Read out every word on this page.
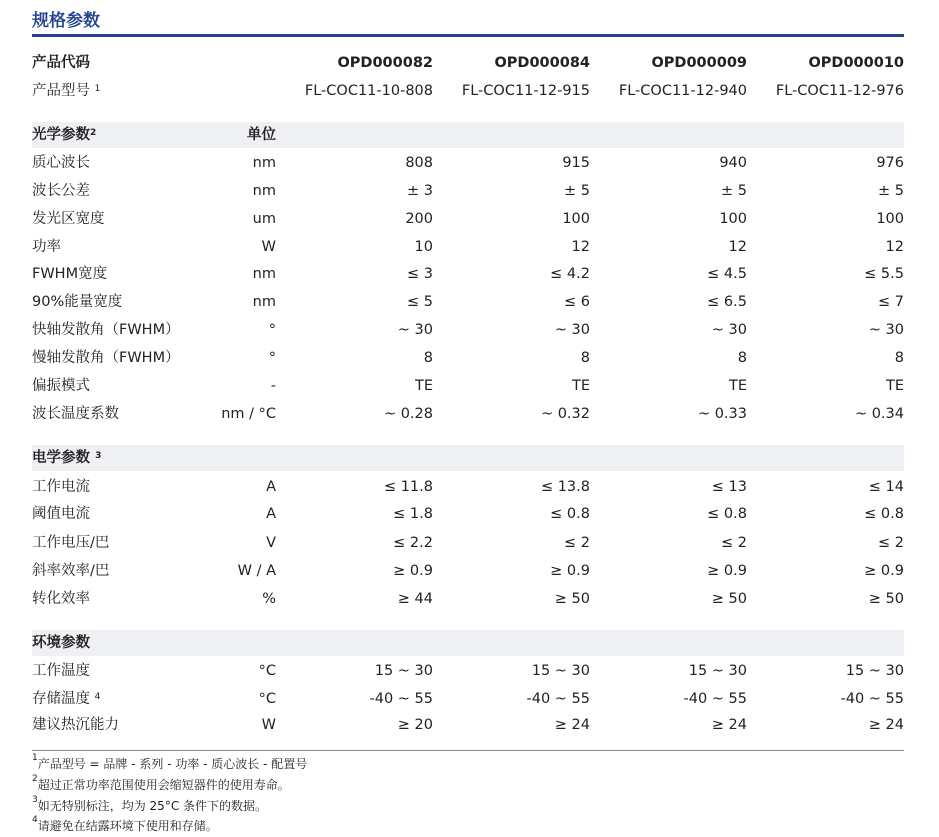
规格参数
产品代码	OPD000082	OPD000084	OPD000009	OPD000010
产品型号 $^1$	FL-COC11-10-808 FL-COC11-12-915 FL-COC11-12-940 FL-COC11-12-976
光学参数$^2$	单位
质心波长	nm	808	915	940	976
波长公差	nm	± 3	± 5	± 5	± 5
发光区宽度	um	200	100	100	100
功率	W	10	12	12	12
FWHM宽度	nm	≤ 3	≤ 4.2	≤ 4.5	≤ 5.5
90%能量宽度	nm	≤ 5	≤ 6	≤ 6.5	≤ 7
快轴发散角（FWHM）	°	~ 30	~ 30	~ 30	~ 30
慢轴发散角（FWHM）	°	8	8	8	8
偏振模式	-	TE	TE	TE	TE
波长温度系数	nm / °C	~ 0.28	~ 0.32	~ 0.33	~ 0.34
电学参数 $^3$
工作电流	A	≤ 11.8	≤ 13.8	≤ 13	≤ 14
阈值电流	A	≤ 1.8	≤ 0.8	≤ 0.8	≤ 0.8
工作电压/巴	V	≤ 2.2	≤ 2	≤ 2	≤ 2
斜率效率/巴	W / A	≥ 0.9	≥ 0.9	≥ 0.9	≥ 0.9
转化效率	%	≥ 44	≥ 50	≥ 50	≥ 50
环境参数
工作温度	°C	15 ~ 30	15 ~ 30	15 ~ 30	15 ~ 30
存储温度 $^4$	°C	-40 ~ 55	-40 ~ 55	-40 ~ 55	-40 ~ 55
建议热沉能力	W	≥ 20	≥ 24	≥ 24	≥ 24
$^1$产品型号 = 品牌 - 系列 - 功率 - 质心波长 - 配置号
$^2$超过正常功率范围使用会缩短器件的使用寿命。
$^3$如无特别标注，均为 25°C 条件下的数据。
$^4$请避免在结露环境下使用和存储。
